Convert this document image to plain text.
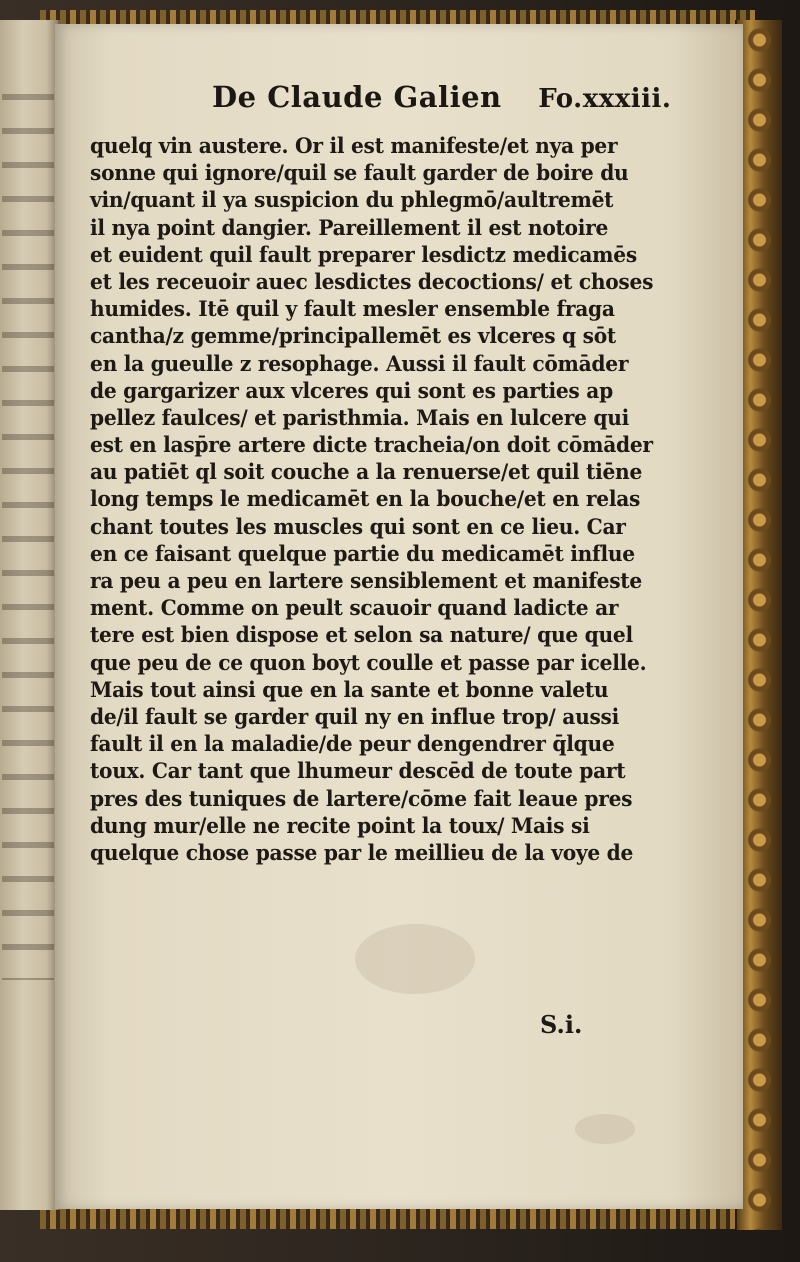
De Claude Galien Fo.xxxiii.
quelq vin austere. Or il est manifeste/et nya per
sonne qui ignore/quil se fault garder de boire du
vin/quant il ya suspicion du phlegmō/aultremēt
il nya point dangier. Pareillement il est notoire
et euident quil fault preparer lesdictz medicamēs
et les receuoir auec lesdictes decoctions/ et choses
humides. Itē quil y fault mesler ensemble fraga
cantha/z gemme/principallemēt es vlceres q sōt
en la gueulle z resophage. Aussi il fault cōmāder
de gargarizer aux vlceres qui sont es parties ap
pellez faulces/ et paristhmia. Mais en lulcere qui
est en lasp̄re artere dicte tracheia/on doit cōmāder
au patiēt ql soit couche a la renuerse/et quil tiēne
long temps le medicamēt en la bouche/et en relas
chant toutes les muscles qui sont en ce lieu. Car
en ce faisant quelque partie du medicamēt influe
ra peu a peu en lartere sensiblement et manifeste
ment. Comme on peult scauoir quand ladicte ar
tere est bien dispose et selon sa nature/ que quel
que peu de ce quon boyt coulle et passe par icelle.
Mais tout ainsi que en la sante et bonne valetu
de/il fault se garder quil ny en influe trop/ aussi
fault il en la maladie/de peur dengendrer q̄lque
toux. Car tant que lhumeur descēd de toute part
pres des tuniques de lartere/cōme fait leaue pres
dung mur/elle ne recite point la toux/ Mais si
quelque chose passe par le meillieu de la voye de
S.i.
